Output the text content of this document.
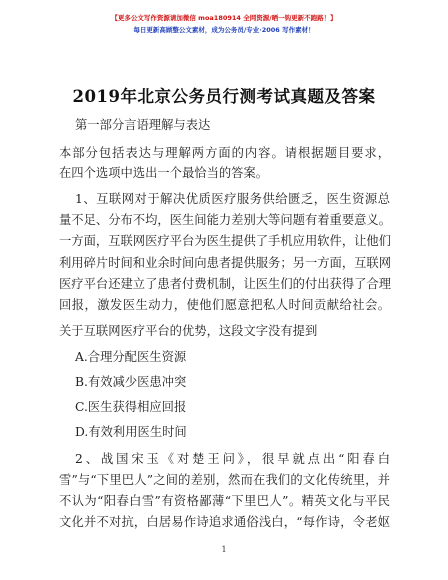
【更多公文写作资源请加微信 moa180914 全网资源/晒一钩更新不跑路！】
每日更新高顾整公文素材，成为公务员/专业·2006 写作素材！
2019年北京公务员行测考试真题及答案
第一部分言语理解与表达
本部分包括表达与理解两方面的内容。请根据题目要求，
在四个选项中选出一个最恰当的答案。
1、互联网对于解决优质医疗服务供给匮乏，医生资源总
量不足、分布不均，医生间能力差别大等问题有着重要意义。
一方面，互联网医疗平台为医生提供了手机应用软件，让他们
利用碎片时间和业余时间向患者提供服务；另一方面，互联网
医疗平台还建立了患者付费机制，让医生们的付出获得了合理
回报，激发医生动力，使他们愿意把私人时间贡献给社会。
关于互联网医疗平台的优势，这段文字没有提到
A.合理分配医生资源
B.有效减少医患冲突
C.医生获得相应回报
D.有效利用医生时间
2、战国宋玉《对楚王问》，很早就点出“阳春白
雪”与“下里巴人”之间的差别，然而在我们的文化传统里，并
不认为“阳春白雪”有资格鄙薄“下里巴人”。精英文化与平民
文化并不对抗，白居易作诗追求通俗浅白，“每作诗，令老妪
1
